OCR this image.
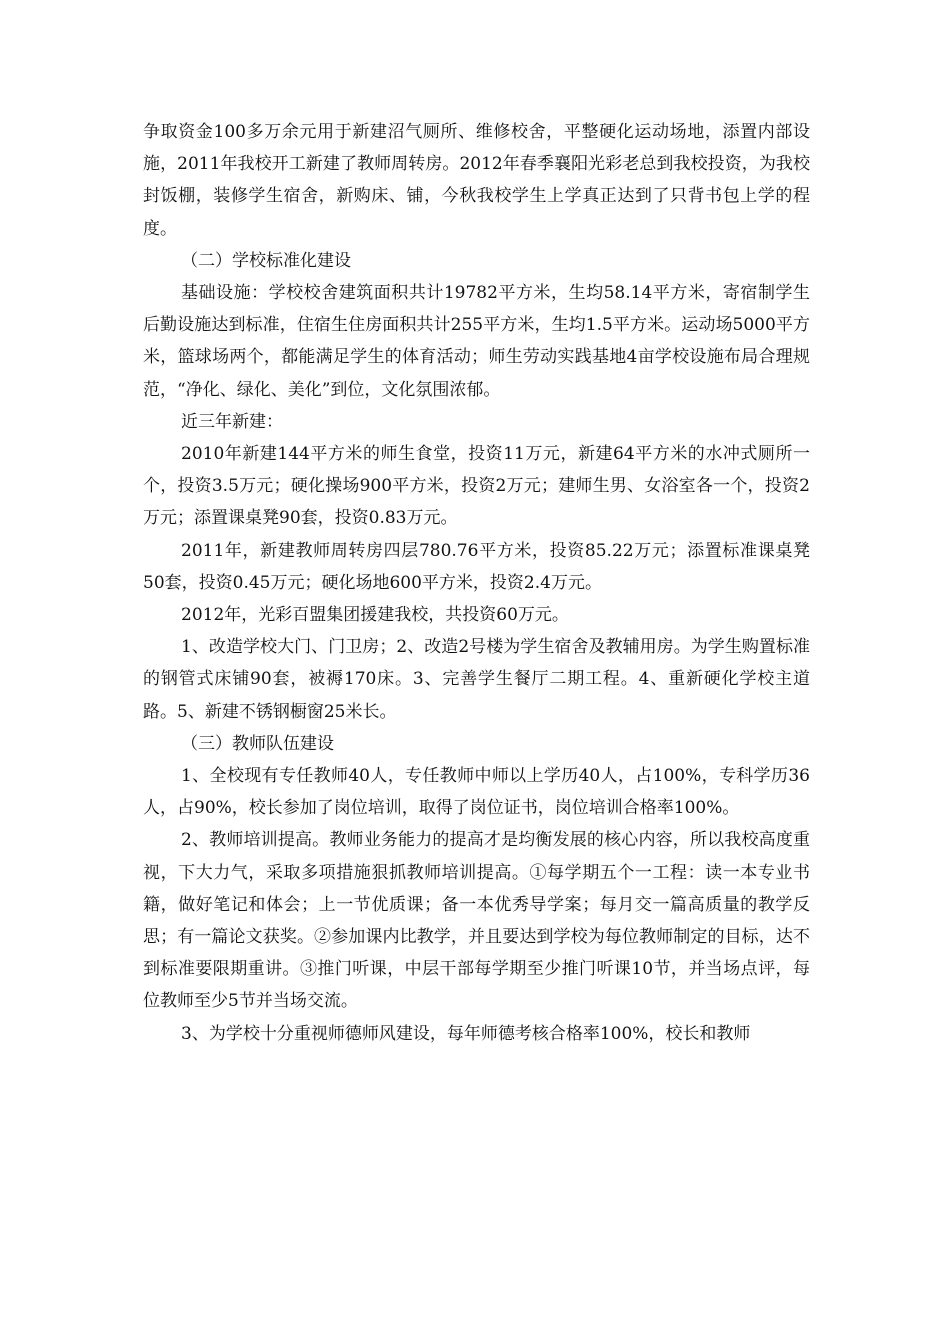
争取资金100多万余元用于新建沼气厕所、维修校舍，平整硬化运动场地，添置内部设施，2011年我校开工新建了教师周转房。2012年春季襄阳光彩老总到我校投资，为我校封饭棚，装修学生宿舍，新购床、铺，今秋我校学生上学真正达到了只背书包上学的程度。

（二）学校标准化建设

基础设施：学校校舍建筑面积共计19782平方米，生均58.14平方米，寄宿制学生后勤设施达到标准，住宿生住房面积共计255平方米，生均1.5平方米。运动场5000平方米，篮球场两个，都能满足学生的体育活动；师生劳动实践基地4亩学校设施布局合理规范，“净化、绿化、美化”到位，文化氛围浓郁。

近三年新建：

2010年新建144平方米的师生食堂，投资11万元，新建64平方米的水冲式厕所一个，投资3.5万元；硬化操场900平方米，投资2万元；建师生男、女浴室各一个，投资2万元；添置课桌凳90套，投资0.83万元。

2011年，新建教师周转房四层780.76平方米，投资85.22万元；添置标准课桌凳50套，投资0.45万元；硬化场地600平方米，投资2.4万元。

2012年，光彩百盟集团援建我校，共投资60万元。

1、改造学校大门、门卫房；2、改造2号楼为学生宿舍及教辅用房。为学生购置标准的钢管式床铺90套，被褥170床。3、完善学生餐厅二期工程。4、重新硬化学校主道路。5、新建不锈钢橱窗25米长。

（三）教师队伍建设

1、全校现有专任教师40人，专任教师中师以上学历40人，占100%，专科学历36人，占90%，校长参加了岗位培训，取得了岗位证书，岗位培训合格率100%。

2、教师培训提高。教师业务能力的提高才是均衡发展的核心内容，所以我校高度重视，下大力气，采取多项措施狠抓教师培训提高。①每学期五个一工程：读一本专业书籍，做好笔记和体会；上一节优质课；备一本优秀导学案；每月交一篇高质量的教学反思；有一篇论文获奖。②参加课内比教学，并且要达到学校为每位教师制定的目标，达不到标准要限期重讲。③推门听课，中层干部每学期至少推门听课10节，并当场点评，每位教师至少5节并当场交流。

3、为学校十分重视师德师风建设，每年师德考核合格率100%，校长和教师
